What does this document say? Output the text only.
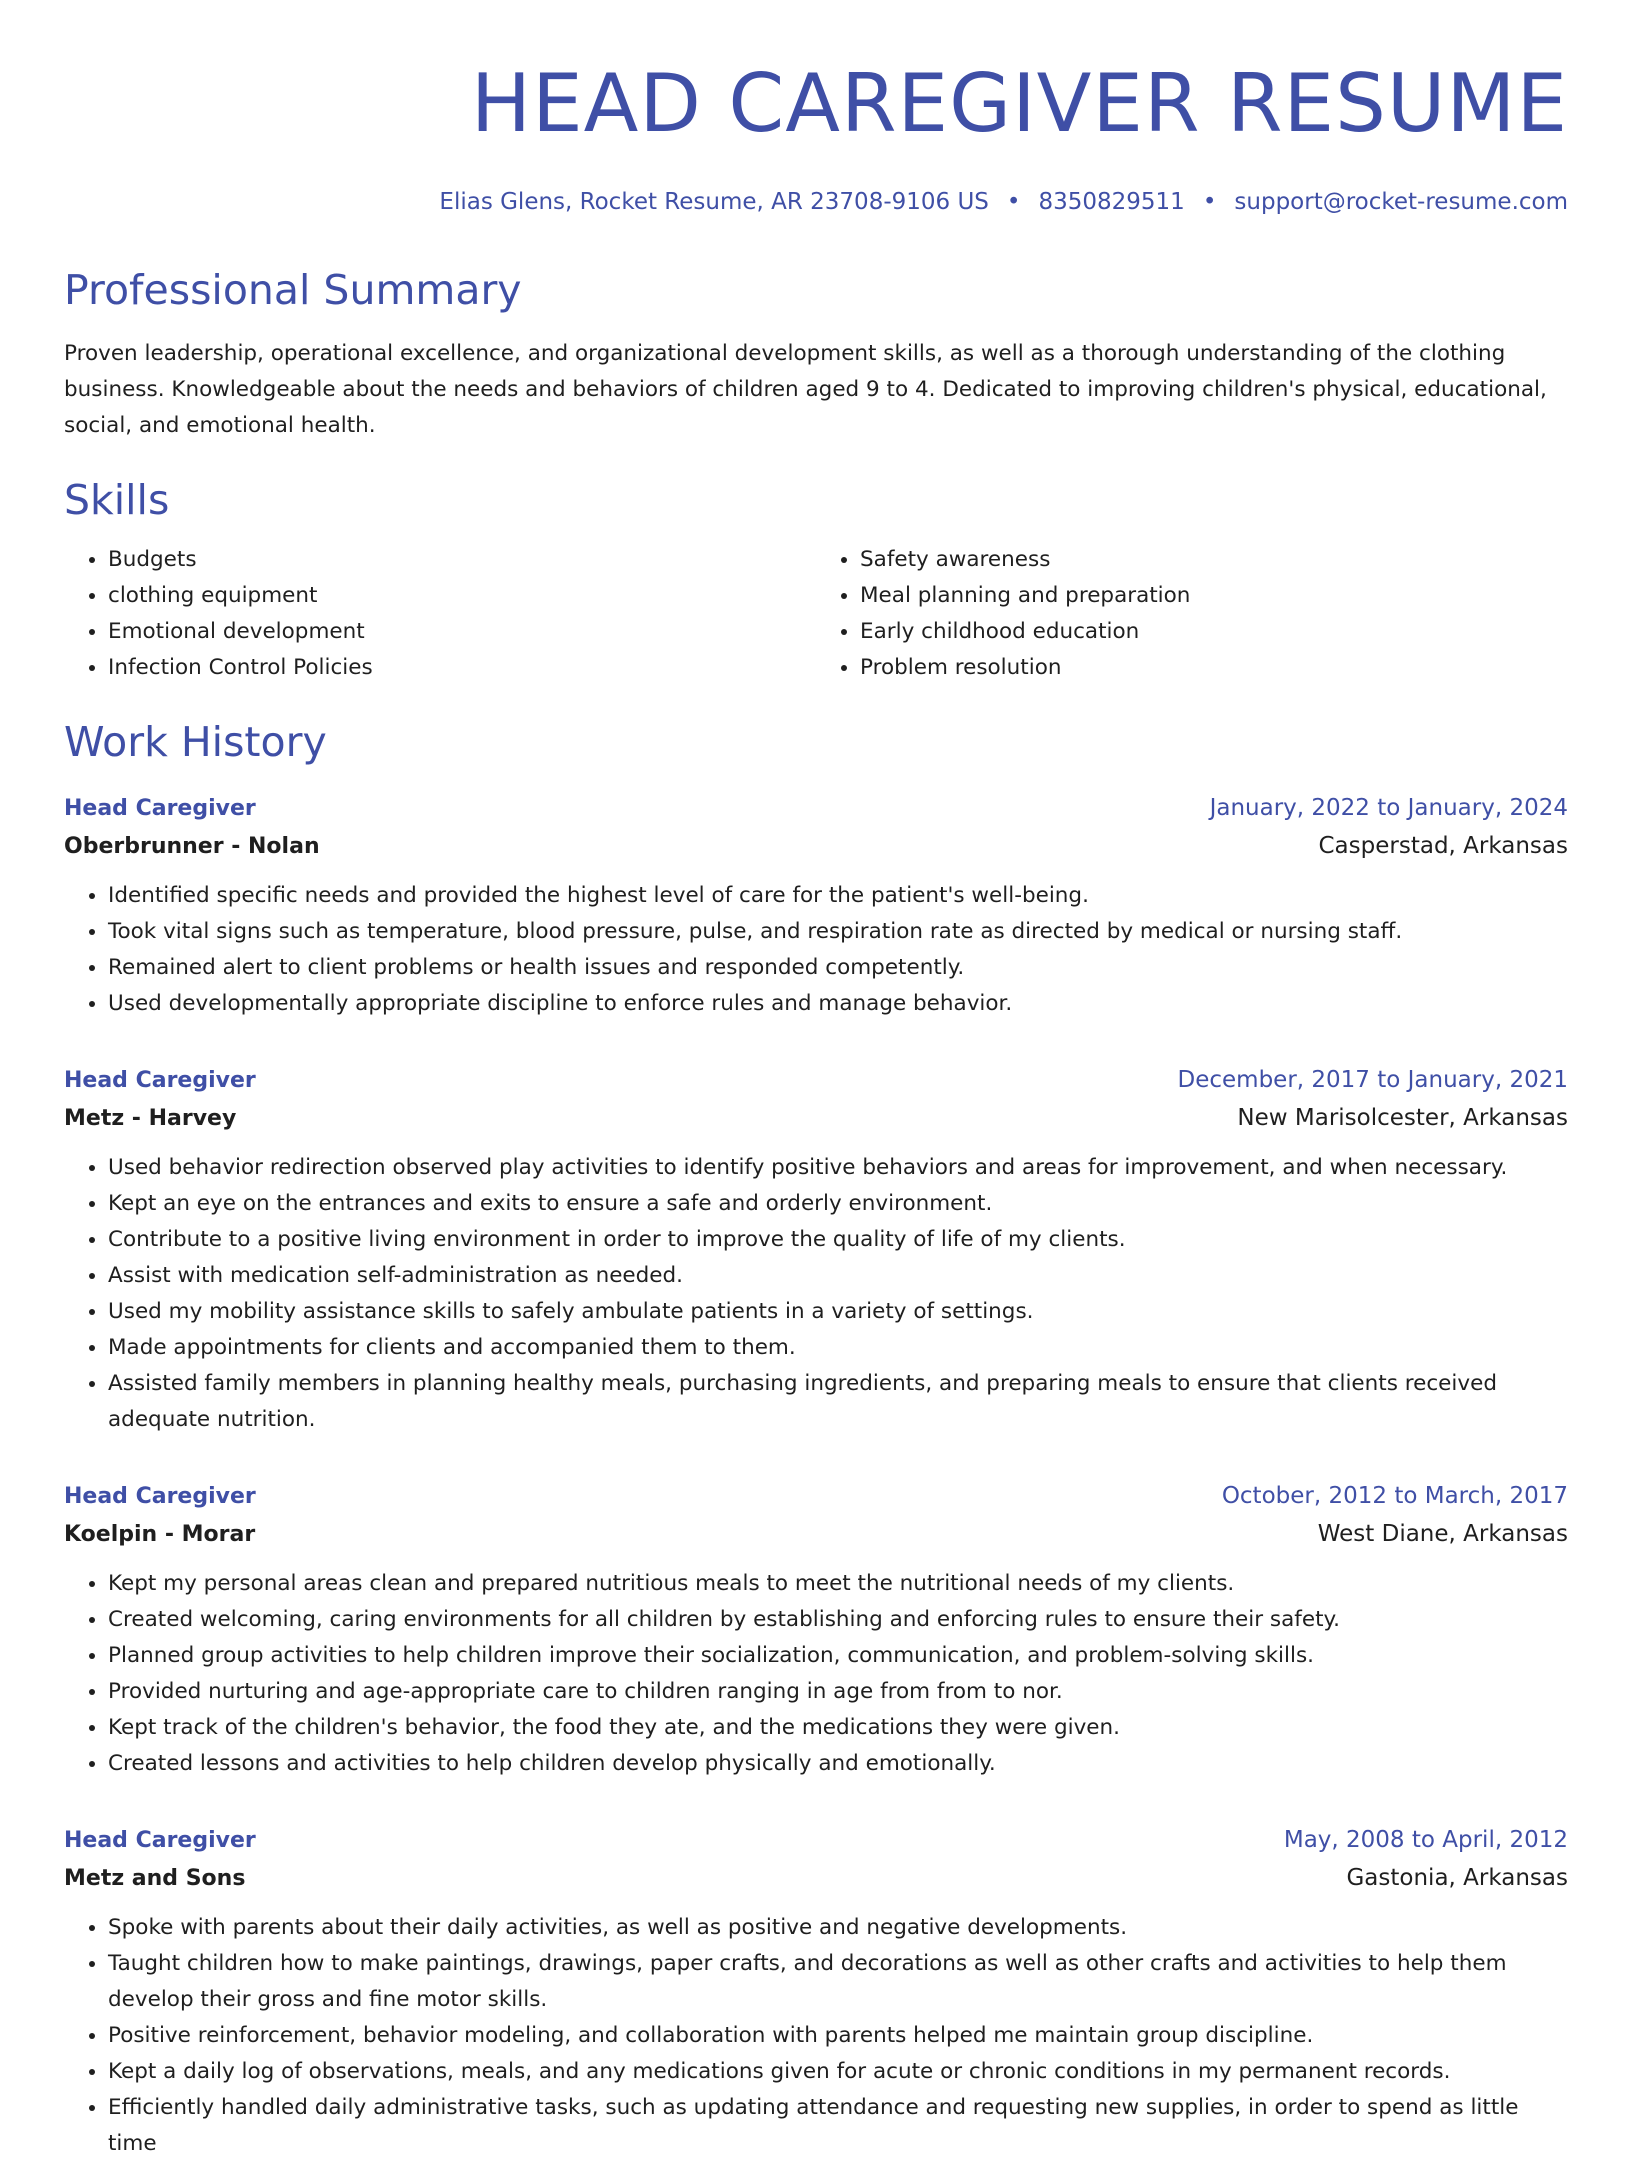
HEAD CAREGIVER RESUME
Elias Glens, Rocket Resume, AR 23708-9106 US • 8350829511 • support@rocket-resume.com
Professional Summary
Proven leadership, operational excellence, and organizational development skills, as well as a thorough understanding of the clothing business. Knowledgeable about the needs and behaviors of children aged 9 to 4. Dedicated to improving children's physical, educational, social, and emotional health.
Skills
• Budgets
• clothing equipment
• Emotional development
• Infection Control Policies
• Safety awareness
• Meal planning and preparation
• Early childhood education
• Problem resolution
Work History
Head Caregiver	January, 2022 to January, 2024
Oberbrunner - Nolan	Casperstad, Arkansas
• Identified specific needs and provided the highest level of care for the patient's well-being.
• Took vital signs such as temperature, blood pressure, pulse, and respiration rate as directed by medical or nursing staff.
• Remained alert to client problems or health issues and responded competently.
• Used developmentally appropriate discipline to enforce rules and manage behavior.
Head Caregiver	December, 2017 to January, 2021
Metz - Harvey	New Marisolcester, Arkansas
• Used behavior redirection observed play activities to identify positive behaviors and areas for improvement, and when necessary.
• Kept an eye on the entrances and exits to ensure a safe and orderly environment.
• Contribute to a positive living environment in order to improve the quality of life of my clients.
• Assist with medication self-administration as needed.
• Used my mobility assistance skills to safely ambulate patients in a variety of settings.
• Made appointments for clients and accompanied them to them.
• Assisted family members in planning healthy meals, purchasing ingredients, and preparing meals to ensure that clients received adequate nutrition.
Head Caregiver	October, 2012 to March, 2017
Koelpin - Morar	West Diane, Arkansas
• Kept my personal areas clean and prepared nutritious meals to meet the nutritional needs of my clients.
• Created welcoming, caring environments for all children by establishing and enforcing rules to ensure their safety.
• Planned group activities to help children improve their socialization, communication, and problem-solving skills.
• Provided nurturing and age-appropriate care to children ranging in age from from to nor.
• Kept track of the children's behavior, the food they ate, and the medications they were given.
• Created lessons and activities to help children develop physically and emotionally.
Head Caregiver	May, 2008 to April, 2012
Metz and Sons	Gastonia, Arkansas
• Spoke with parents about their daily activities, as well as positive and negative developments.
• Taught children how to make paintings, drawings, paper crafts, and decorations as well as other crafts and activities to help them develop their gross and fine motor skills.
• Positive reinforcement, behavior modeling, and collaboration with parents helped me maintain group discipline.
• Kept a daily log of observations, meals, and any medications given for acute or chronic conditions in my permanent records.
• Efficiently handled daily administrative tasks, such as updating attendance and requesting new supplies, in order to spend as little time
